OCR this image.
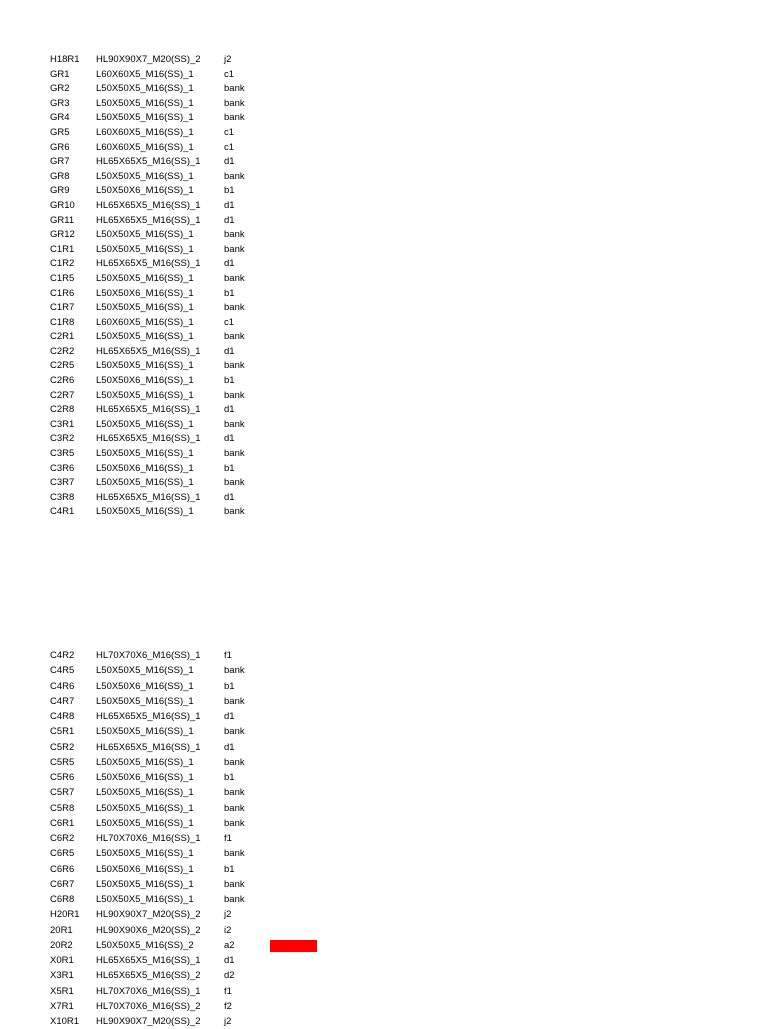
H18R1 HL90X90X7_M20(SS)_2 j2
GR1	L60X60X5_M16(SS)_1	c1
GR2	L50X50X5_M16(SS)_1	bank
GR3	L50X50X5_M16(SS)_1	bank
GR4	L50X50X5_M16(SS)_1	bank
GR5	L60X60X5_M16(SS)_1	c1
GR6	L60X60X5_M16(SS)_1	c1
GR7	HL65X65X5_M16(SS)_1 d1
GR8	L50X50X5_M16(SS)_1	bank
GR9	L50X50X6_M16(SS)_1	b1
GR10 HL65X65X5_M16(SS)_1 d1
GR11 HL65X65X5_M16(SS)_1 d1
GR12 L50X50X5_M16(SS)_1	bank
C1R1 L50X50X5_M16(SS)_1	bank
C1R2 HL65X65X5_M16(SS)_1 d1
C1R5 L50X50X5_M16(SS)_1	bank
C1R6 L50X50X6_M16(SS)_1	b1
C1R7 L50X50X5_M16(SS)_1	bank
C1R8 L60X60X5_M16(SS)_1	c1
C2R1 L50X50X5_M16(SS)_1	bank
C2R2 HL65X65X5_M16(SS)_1 d1
C2R5 L50X50X5_M16(SS)_1	bank
C2R6 L50X50X6_M16(SS)_1	b1
C2R7 L50X50X5_M16(SS)_1	bank
C2R8 HL65X65X5_M16(SS)_1 d1
C3R1 L50X50X5_M16(SS)_1	bank
C3R2 HL65X65X5_M16(SS)_1 d1
C3R5 L50X50X5_M16(SS)_1	bank
C3R6 L50X50X6_M16(SS)_1	b1
C3R7 L50X50X5_M16(SS)_1	bank
C3R8 HL65X65X5_M16(SS)_1 d1
C4R1 L50X50X5_M16(SS)_1	bank
C4R2 HL70X70X6_M16(SS)_1 f1
C4R5 L50X50X5_M16(SS)_1	bank
C4R6 L50X50X6_M16(SS)_1	b1
C4R7 L50X50X5_M16(SS)_1	bank
C4R8 HL65X65X5_M16(SS)_1 d1
C5R1 L50X50X5_M16(SS)_1	bank
C5R2 HL65X65X5_M16(SS)_1 d1
C5R5 L50X50X5_M16(SS)_1	bank
C5R6 L50X50X6_M16(SS)_1	b1
C5R7 L50X50X5_M16(SS)_1	bank
C5R8 L50X50X5_M16(SS)_1	bank
C6R1 L50X50X5_M16(SS)_1	bank
C6R2 HL70X70X6_M16(SS)_1 f1
C6R5 L50X50X5_M16(SS)_1	bank
C6R6 L50X50X6_M16(SS)_1	b1
C6R7 L50X50X5_M16(SS)_1	bank
C6R8 L50X50X5_M16(SS)_1	bank
H20R1 HL90X90X7_M20(SS)_2 j2
20R1 HL90X90X6_M20(SS)_2 i2
20R2 L50X50X5_M16(SS)_2	a2
X0R1 HL65X65X5_M16(SS)_1 d1
X3R1 HL65X65X5_M16(SS)_2 d2
X5R1 HL70X70X6_M16(SS)_1 f1
X7R1 HL70X70X6_M16(SS)_2 f2
X10R1 HL90X90X7_M20(SS)_2 j2
